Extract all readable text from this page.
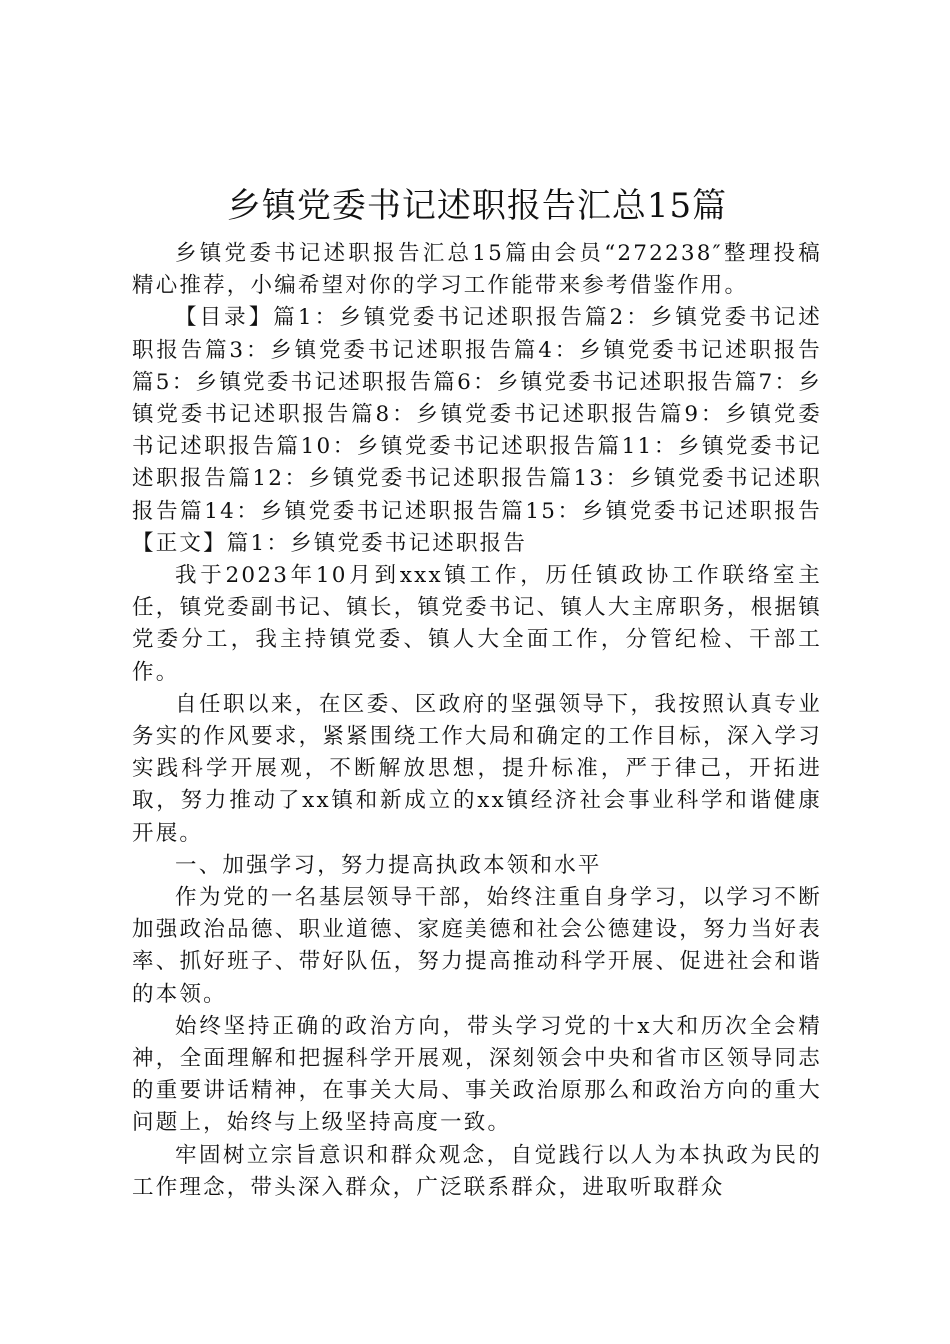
乡镇党委书记述职报告汇总15篇

乡镇党委书记述职报告汇总15篇由会员“272238″整理投稿精心推荐，小编希望对你的学习工作能带来参考借鉴作用。

【目录】篇1：乡镇党委书记述职报告篇2：乡镇党委书记述职报告篇3：乡镇党委书记述职报告篇4：乡镇党委书记述职报告篇5：乡镇党委书记述职报告篇6：乡镇党委书记述职报告篇7：乡镇党委书记述职报告篇8：乡镇党委书记述职报告篇9：乡镇党委书记述职报告篇10：乡镇党委书记述职报告篇11：乡镇党委书记述职报告篇12：乡镇党委书记述职报告篇13：乡镇党委书记述职报告篇14：乡镇党委书记述职报告篇15：乡镇党委书记述职报告【正文】篇1：乡镇党委书记述职报告

我于2023年10月到xxx镇工作，历任镇政协工作联络室主任，镇党委副书记、镇长，镇党委书记、镇人大主席职务，根据镇党委分工，我主持镇党委、镇人大全面工作，分管纪检、干部工作。

自任职以来，在区委、区政府的坚强领导下，我按照认真专业务实的作风要求，紧紧围绕工作大局和确定的工作目标，深入学习实践科学开展观，不断解放思想，提升标准，严于律己，开拓进取，努力推动了xx镇和新成立的xx镇经济社会事业科学和谐健康开展。

一、加强学习，努力提高执政本领和水平

作为党的一名基层领导干部，始终注重自身学习，以学习不断加强政治品德、职业道德、家庭美德和社会公德建设，努力当好表率、抓好班子、带好队伍，努力提高推动科学开展、促进社会和谐的本领。

始终坚持正确的政治方向，带头学习党的十x大和历次全会精神，全面理解和把握科学开展观，深刻领会中央和省市区领导同志的重要讲话精神，在事关大局、事关政治原那么和政治方向的重大问题上，始终与上级坚持高度一致。

牢固树立宗旨意识和群众观念，自觉践行以人为本执政为民的工作理念，带头深入群众，广泛联系群众，进取听取群众
